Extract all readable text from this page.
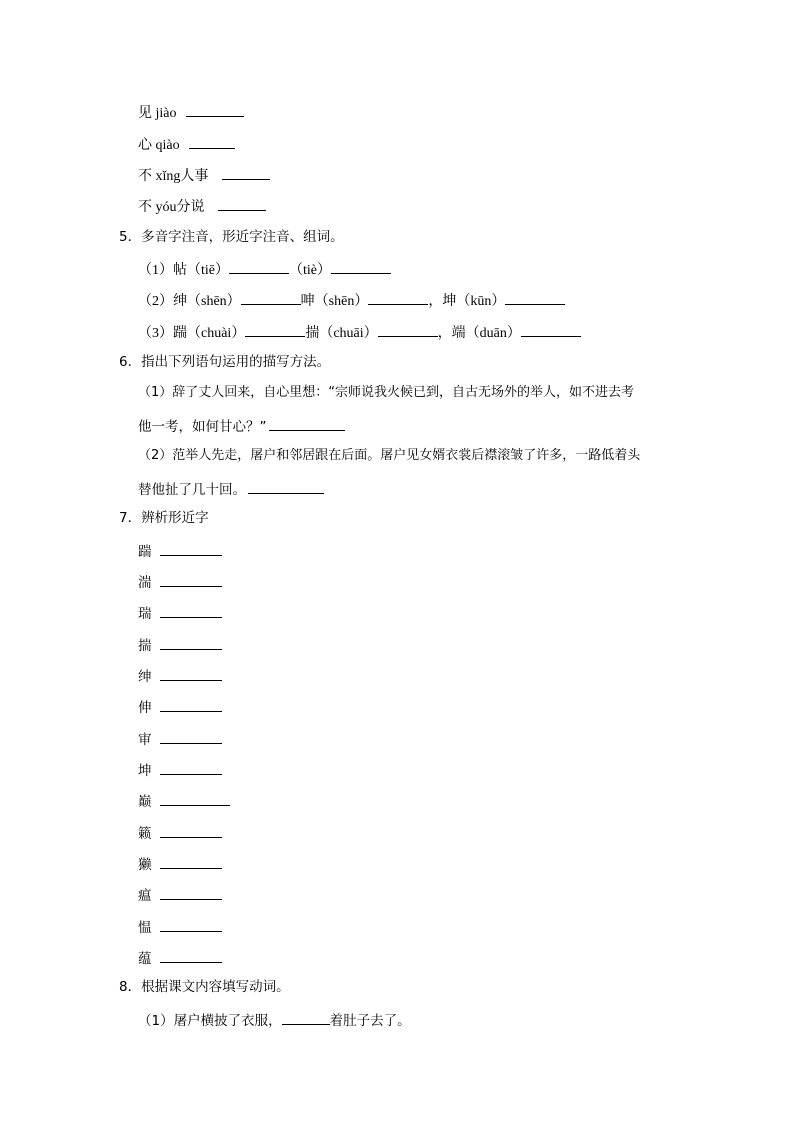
见 jiào
心 qiào
不 xǐng人事
不 yóu分说
5．多音字注音，形近字注音、组词。
（1）帖（tiē）	（tiè）
（2）绅（shēn）	呻（shēn）	，坤（kūn）
（3）踹（chuài）	揣（chuāi）	，端（duān）
6．指出下列语句运用的描写方法。
（1）辞了丈人回来，自心里想：“宗师说我火候已到，自古无场外的举人，如不进去考
他一考，如何甘心？”
（2）范举人先走，屠户和邻居跟在后面。屠户见女婿衣裳后襟滚皱了许多，一路低着头
替他扯了几十回。
7．辨析形近字
踹
湍
瑞
揣
绅
伸
审
坤
巅
籁
獭
瘟
愠
蕴
8．根据课文内容填写动词。
（1）屠户横披了衣服，	着肚子去了。
